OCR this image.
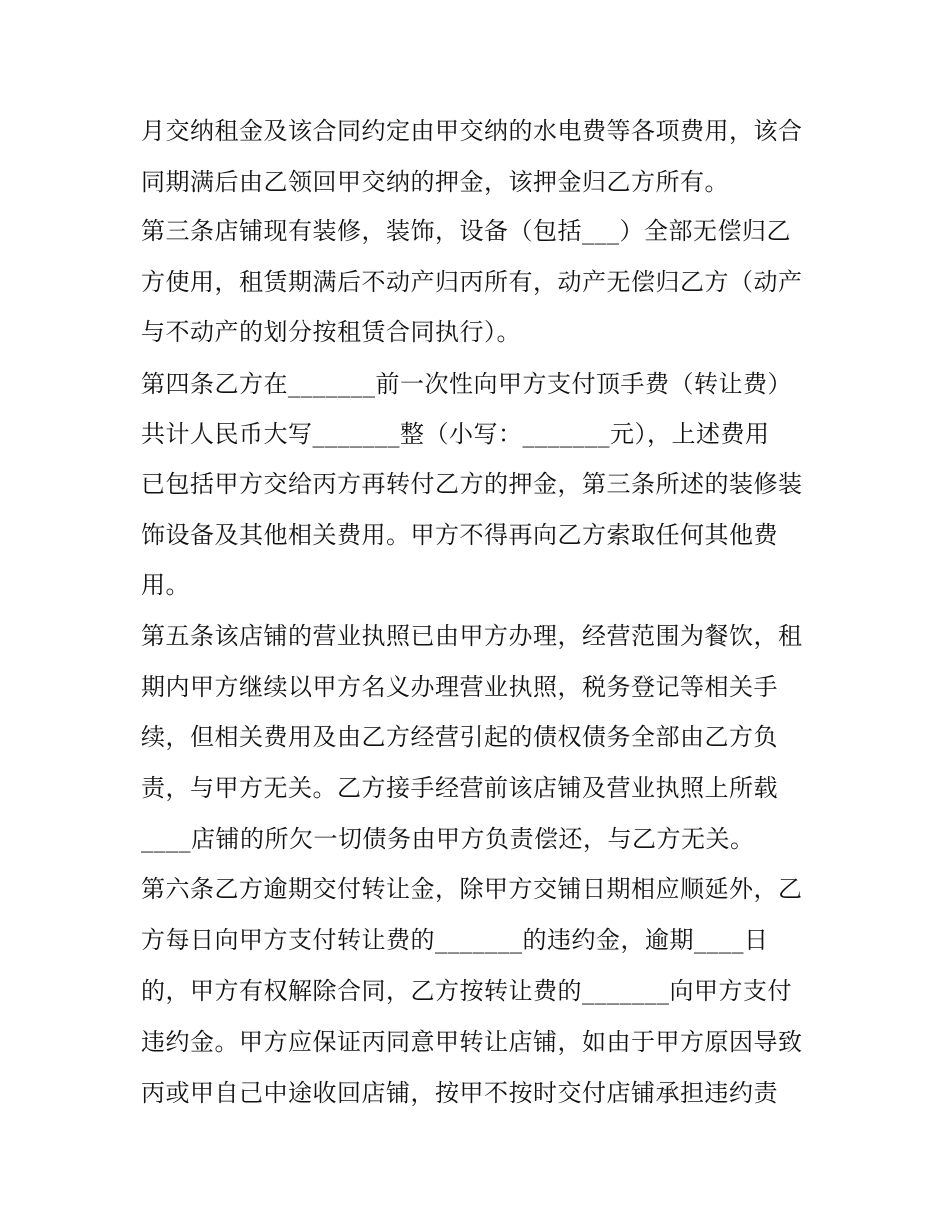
月交纳租金及该合同约定由甲交纳的水电费等各项费用，该合
同期满后由乙领回甲交纳的押金，该押金归乙方所有。
第三条店铺现有装修，装饰，设备（包括___）全部无偿归乙
方使用，租赁期满后不动产归丙所有，动产无偿归乙方（动产
与不动产的划分按租赁合同执行）。
第四条乙方在_______前一次性向甲方支付顶手费（转让费）
共计人民币大写_______整（小写：_______元），上述费用
已包括甲方交给丙方再转付乙方的押金，第三条所述的装修装
饰设备及其他相关费用。甲方不得再向乙方索取任何其他费
用。
第五条该店铺的营业执照已由甲方办理，经营范围为餐饮，租
期内甲方继续以甲方名义办理营业执照，税务登记等相关手
续，但相关费用及由乙方经营引起的债权债务全部由乙方负
责，与甲方无关。乙方接手经营前该店铺及营业执照上所载
____店铺的所欠一切债务由甲方负责偿还，与乙方无关。
第六条乙方逾期交付转让金，除甲方交铺日期相应顺延外，乙
方每日向甲方支付转让费的_______的违约金，逾期____日
的，甲方有权解除合同，乙方按转让费的_______向甲方支付
违约金。甲方应保证丙同意甲转让店铺，如由于甲方原因导致
丙或甲自己中途收回店铺，按甲不按时交付店铺承担违约责
